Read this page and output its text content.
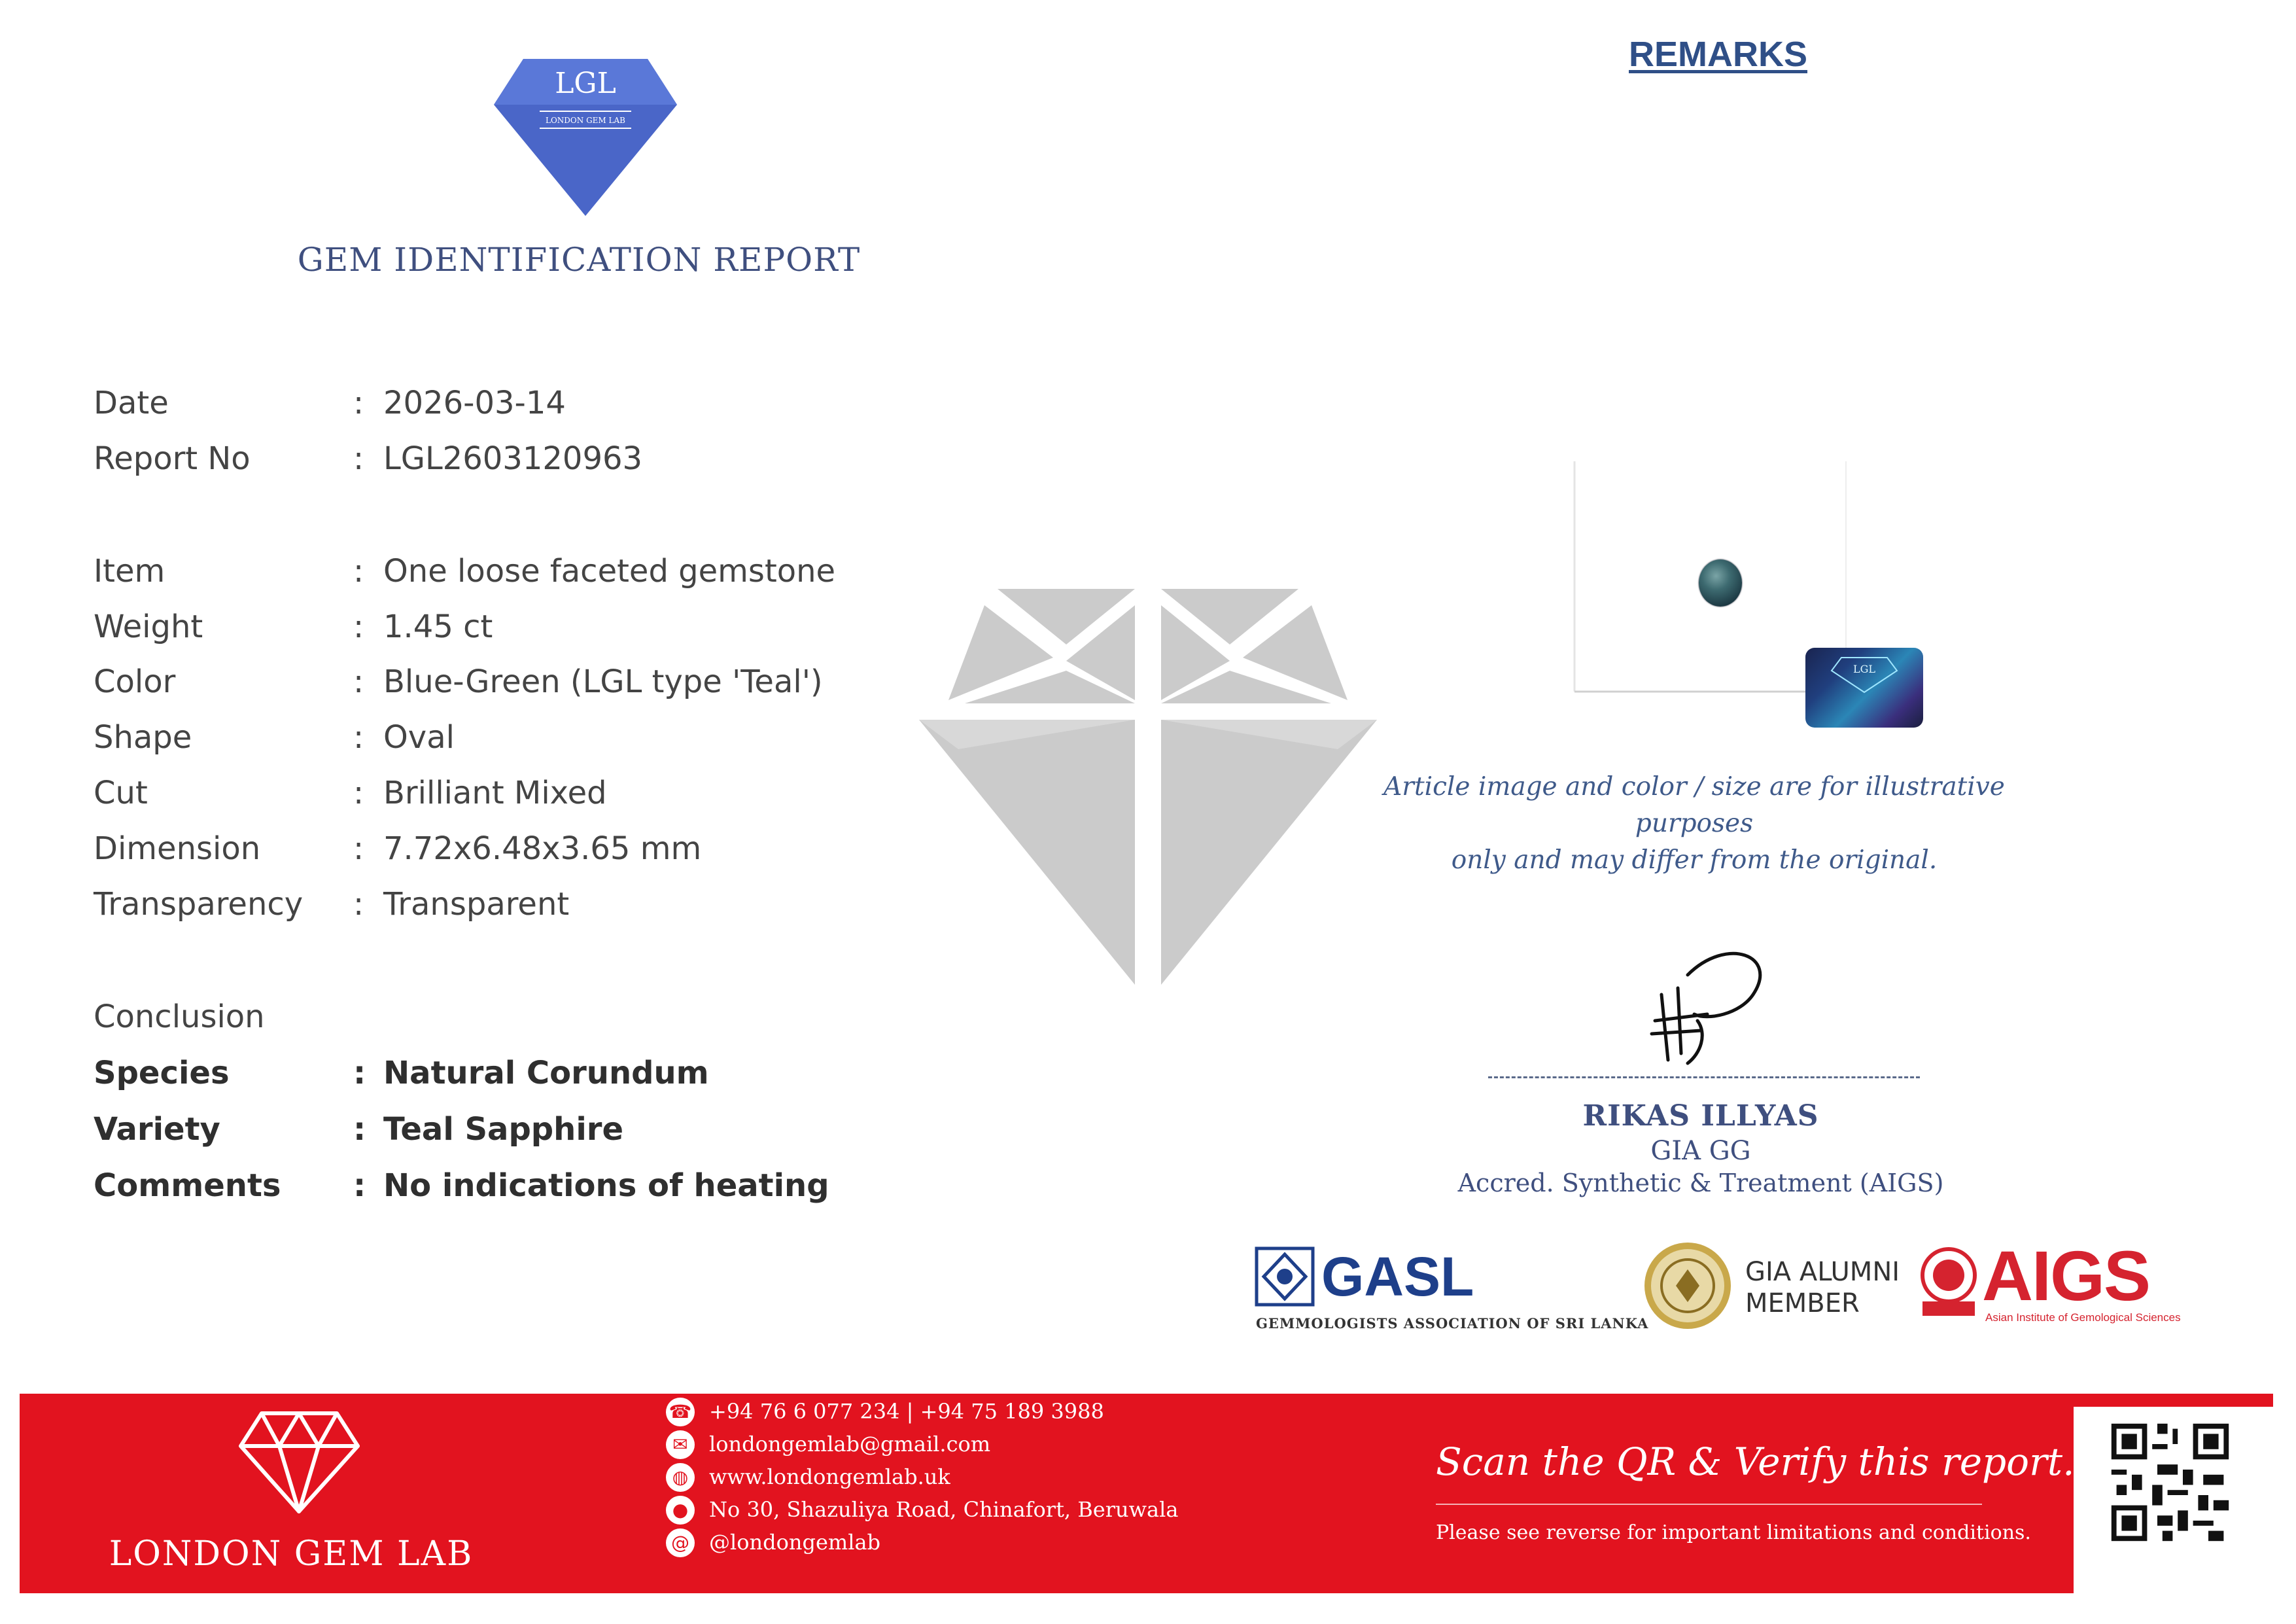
LGL
LONDON GEM LAB
GEM IDENTIFICATION REPORT
REMARKS
Date	: 2026-03-14
Report No	: LGL2603120963
Item	: One loose faceted gemstone
Weight	: 1.45 ct
Color	: Blue-Green (LGL type 'Teal')
Shape	: Oval
Cut	: Brilliant Mixed
Dimension	: 7.72x6.48x3.65 mm
Transparency	: Transparent
Conclusion
Species	: Natural Corundum
Variety	: Teal Sapphire
Comments	: No indications of heating
LGL
Article image and color / size are for illustrative purposes
only and may differ from the original.
RIKAS ILLYAS
GIA GG
Accred. Synthetic & Treatment (AIGS)
GASL
GEMMOLOGISTS ASSOCIATION OF SRI LANKA
GIA ALUMNI
MEMBER	AIGS
Asian Institute of Gemological Sciences
LONDON GEM LAB
☎ +94 76 6 077 234 | +94 75 189 3988
✉	londongemlab@gmail.com
◍ www.londongemlab.uk
● No 30, Shazuliya Road, Chinafort, Beruwala
@ @londongemlab
Scan the QR & Verify this report.
Please see reverse for important limitations and conditions.
